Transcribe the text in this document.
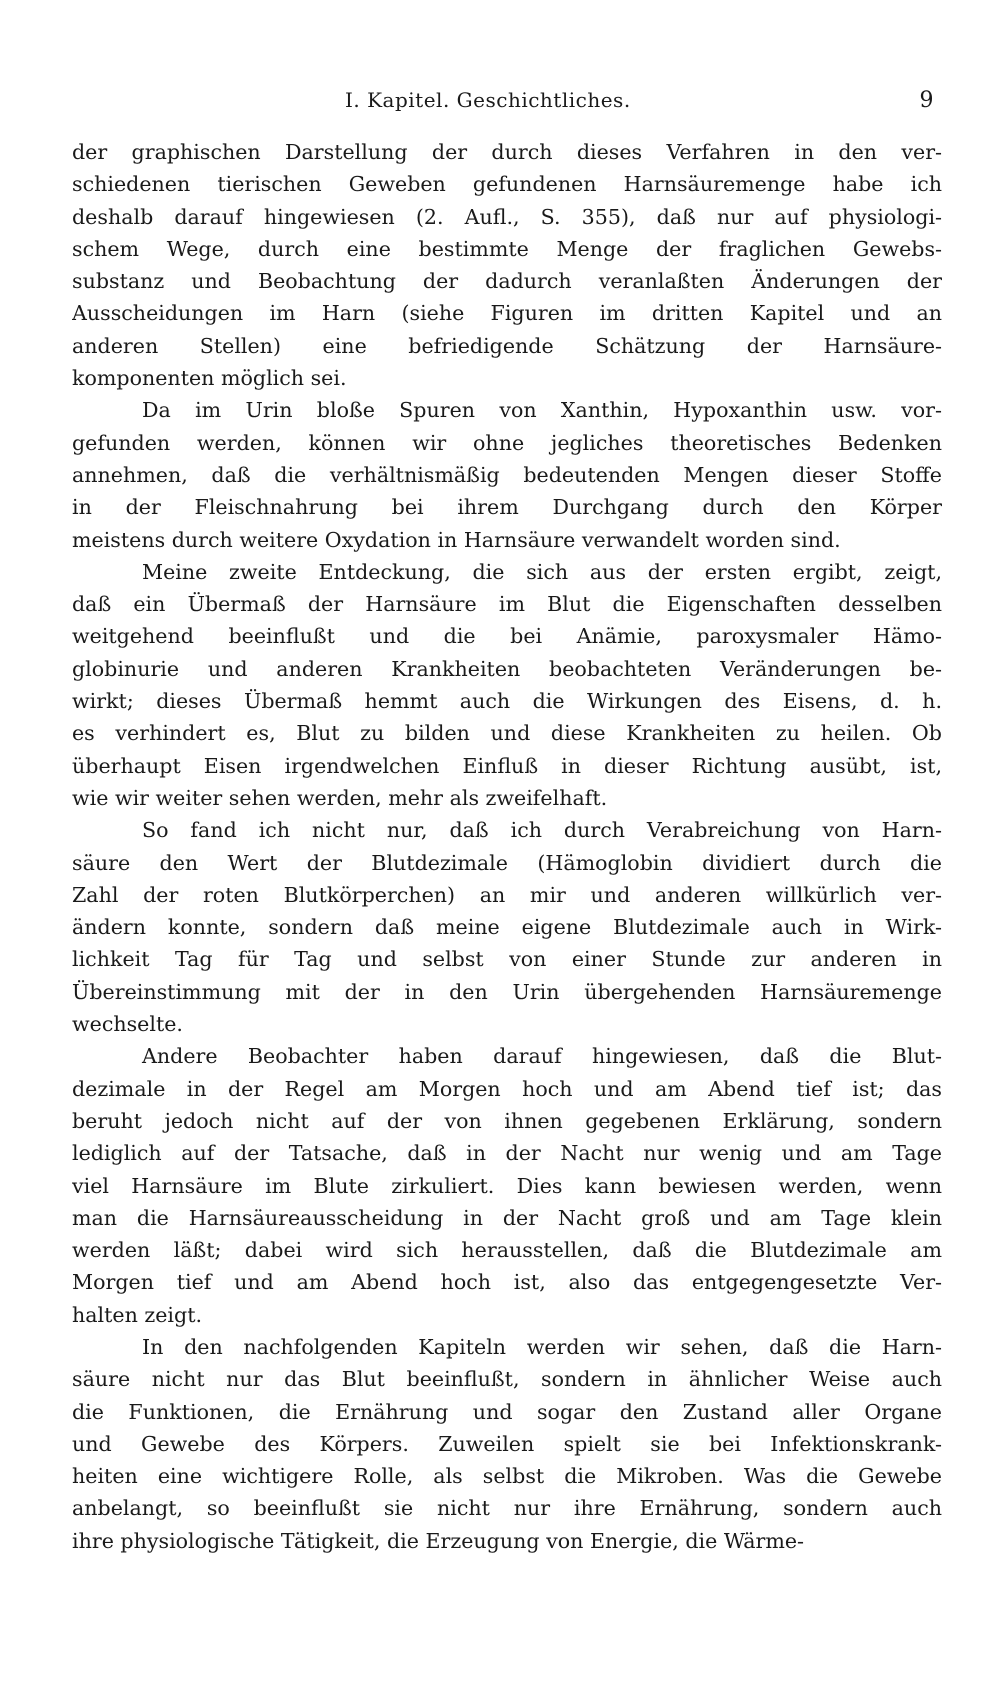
I. Kapitel. Geschichtliches.	9
der graphischen Darstellung der durch dieses Verfahren in den ver-
schiedenen tierischen Geweben gefundenen Harnsäuremenge habe ich
deshalb darauf hingewiesen (2. Aufl., S. 355), daß nur auf physiologi-
schem Wege, durch eine bestimmte Menge der fraglichen Gewebs-
substanz und Beobachtung der dadurch veranlaßten Änderungen der
Ausscheidungen im Harn (siehe Figuren im dritten Kapitel und an
anderen Stellen) eine befriedigende Schätzung der Harnsäure-
komponenten möglich sei.
Da im Urin bloße Spuren von Xanthin, Hypoxanthin usw. vor-
gefunden werden, können wir ohne jegliches theoretisches Bedenken
annehmen, daß die verhältnismäßig bedeutenden Mengen dieser Stoffe
in der Fleischnahrung bei ihrem Durchgang durch den Körper
meistens durch weitere Oxydation in Harnsäure verwandelt worden sind.
Meine zweite Entdeckung, die sich aus der ersten ergibt, zeigt,
daß ein Übermaß der Harnsäure im Blut die Eigenschaften desselben
weitgehend beeinflußt und die bei Anämie, paroxysmaler Hämo-
globinurie und anderen Krankheiten beobachteten Veränderungen be-
wirkt; dieses Übermaß hemmt auch die Wirkungen des Eisens, d. h.
es verhindert es, Blut zu bilden und diese Krankheiten zu heilen. Ob
überhaupt Eisen irgendwelchen Einfluß in dieser Richtung ausübt, ist,
wie wir weiter sehen werden, mehr als zweifelhaft.
So fand ich nicht nur, daß ich durch Verabreichung von Harn-
säure den Wert der Blutdezimale (Hämoglobin dividiert durch die
Zahl der roten Blutkörperchen) an mir und anderen willkürlich ver-
ändern konnte, sondern daß meine eigene Blutdezimale auch in Wirk-
lichkeit Tag für Tag und selbst von einer Stunde zur anderen in
Übereinstimmung mit der in den Urin übergehenden Harnsäuremenge
wechselte.
Andere Beobachter haben darauf hingewiesen, daß die Blut-
dezimale in der Regel am Morgen hoch und am Abend tief ist; das
beruht jedoch nicht auf der von ihnen gegebenen Erklärung, sondern
lediglich auf der Tatsache, daß in der Nacht nur wenig und am Tage
viel Harnsäure im Blute zirkuliert. Dies kann bewiesen werden, wenn
man die Harnsäureausscheidung in der Nacht groß und am Tage klein
werden läßt; dabei wird sich herausstellen, daß die Blutdezimale am
Morgen tief und am Abend hoch ist, also das entgegengesetzte Ver-
halten zeigt.
In den nachfolgenden Kapiteln werden wir sehen, daß die Harn-
säure nicht nur das Blut beeinflußt, sondern in ähnlicher Weise auch
die Funktionen, die Ernährung und sogar den Zustand aller Organe
und Gewebe des Körpers. Zuweilen spielt sie bei Infektionskrank-
heiten eine wichtigere Rolle, als selbst die Mikroben. Was die Gewebe
anbelangt, so beeinflußt sie nicht nur ihre Ernährung, sondern auch
ihre physiologische Tätigkeit, die Erzeugung von Energie, die Wärme-
